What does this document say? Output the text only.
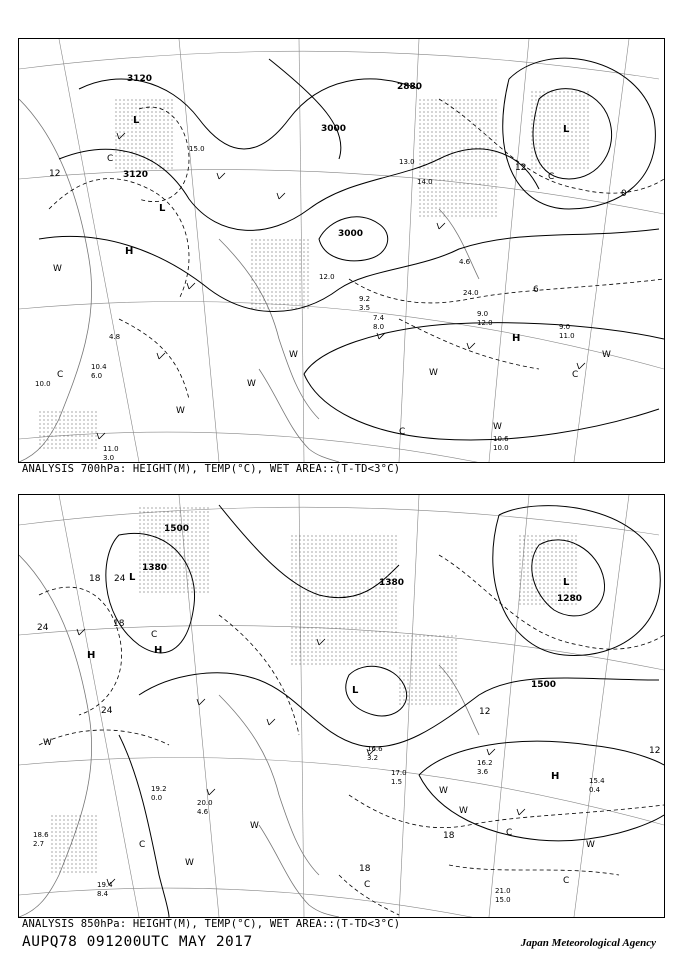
3120
3120
3000
3000
2880
12
12
0
6
L
L
L
H
H
W
W
W
W
W
W
W
C
C
C
C
C
9.0
12.0	9.0
11.0
10.6
10.0
11.0
3.0
10.0
4.8
10.4
6.0
7.4
8.0
9.2
3.5
13.0
14.0
24.0
4.6
15.0
12.0
ANALYSIS 700hPa: HEIGHT(M), TEMP(°C), WET AREA::(T-TD<3°C)
1500
1500
1380
1380
1280
18 24
18
24
24	12
12
18
18
L	L
L
H	H
H
W
W
W
W
W
W
C
C
C
C
C
16.2
3.6
15.4
0.4
21.0
15.0
17.0
1.5
16.6
3.2
20.0
4.6
19.2
0.0
18.6
2.7
19.4
8.4
ANALYSIS 850hPa: HEIGHT(M), TEMP(°C), WET AREA::(T-TD<3°C)
AUPQ78 091200UTC MAY 2017	Japan Meteorological Agency
